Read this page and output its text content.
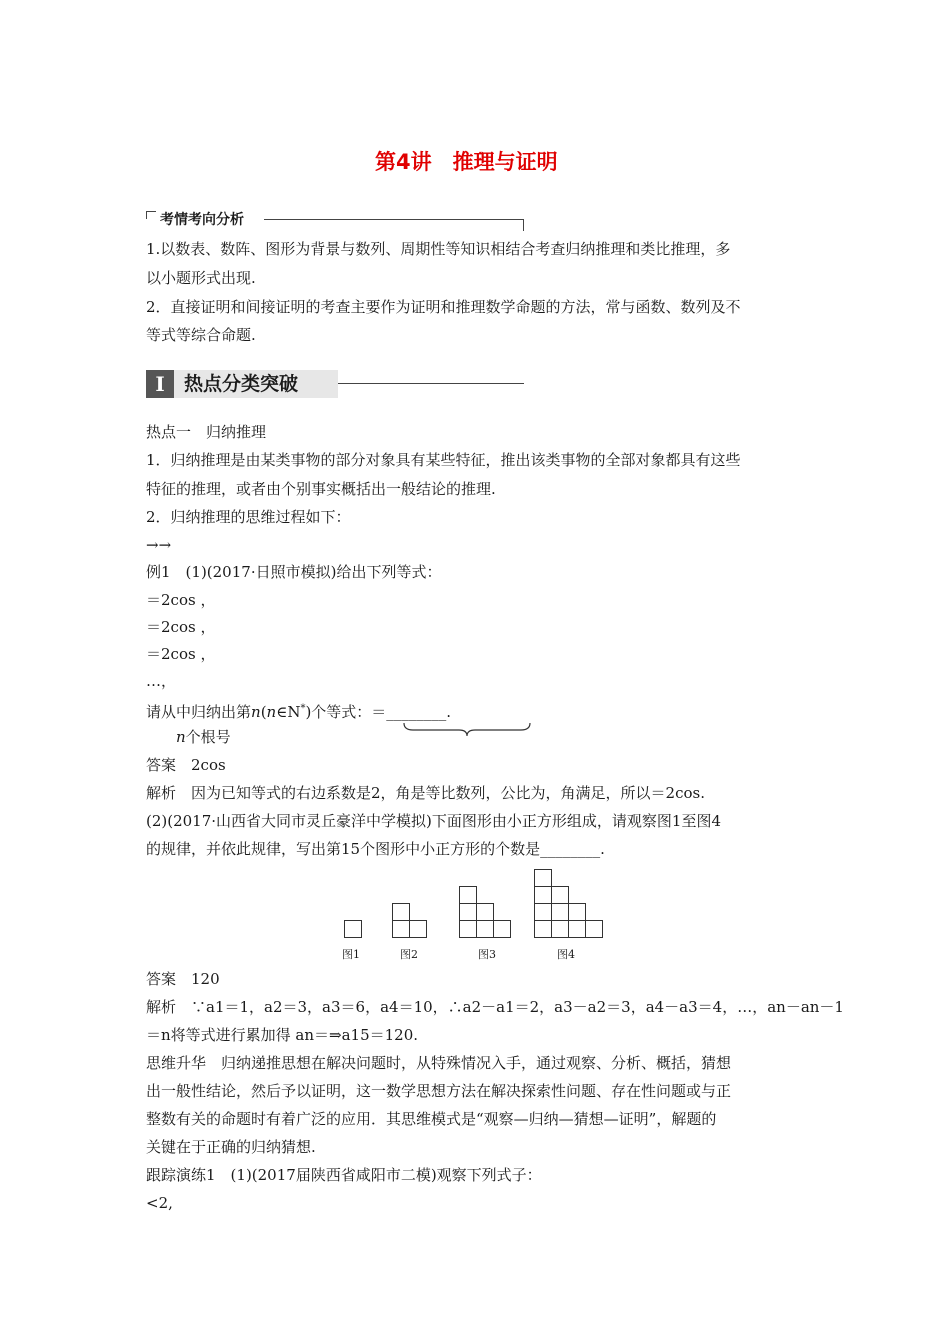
第4讲　推理与证明
考情考向分析
1.以数表、数阵、图形为背景与数列、周期性等知识相结合考查归纳推理和类比推理，多
以小题形式出现.
2．直接证明和间接证明的考查主要作为证明和推理数学命题的方法，常与函数、数列及不
等式等综合命题.
I	热点分类突破
热点一　归纳推理
1．归纳推理是由某类事物的部分对象具有某些特征，推出该类事物的全部对象都具有这些
特征的推理，或者由个别事实概括出一般结论的推理.
2．归纳推理的思维过程如下：
→→
例1　(1)(2017·日照市模拟)给出下列等式：
＝2cos ，
＝2cos ，
＝2cos ，
…，
请从中归纳出第n(n∈N*)个等式：＝________.
n个根号
答案　2cos
解析　因为已知等式的右边系数是2，角是等比数列，公比为，角满足，所以＝2cos.
(2)(2017·山西省大同市灵丘豪洋中学模拟)下面图形由小正方形组成，请观察图1至图4
的规律，并依此规律，写出第15个图形中小正方形的个数是________.
图1	图2	图3	图4
答案　120
解析　∵a1＝1，a2＝3，a3＝6，a4＝10，∴a2－a1＝2，a3－a2＝3，a4－a3＝4，…，an－an－1
＝n将等式进行累加得 an＝⇒a15＝120.
思维升华　归纳递推思想在解决问题时，从特殊情况入手，通过观察、分析、概括，猜想
出一般性结论，然后予以证明，这一数学思想方法在解决探索性问题、存在性问题或与正
整数有关的命题时有着广泛的应用．其思维模式是“观察—归纳—猜想—证明”，解题的
关键在于正确的归纳猜想.
跟踪演练1　(1)(2017届陕西省咸阳市二模)观察下列式子：
<2,
